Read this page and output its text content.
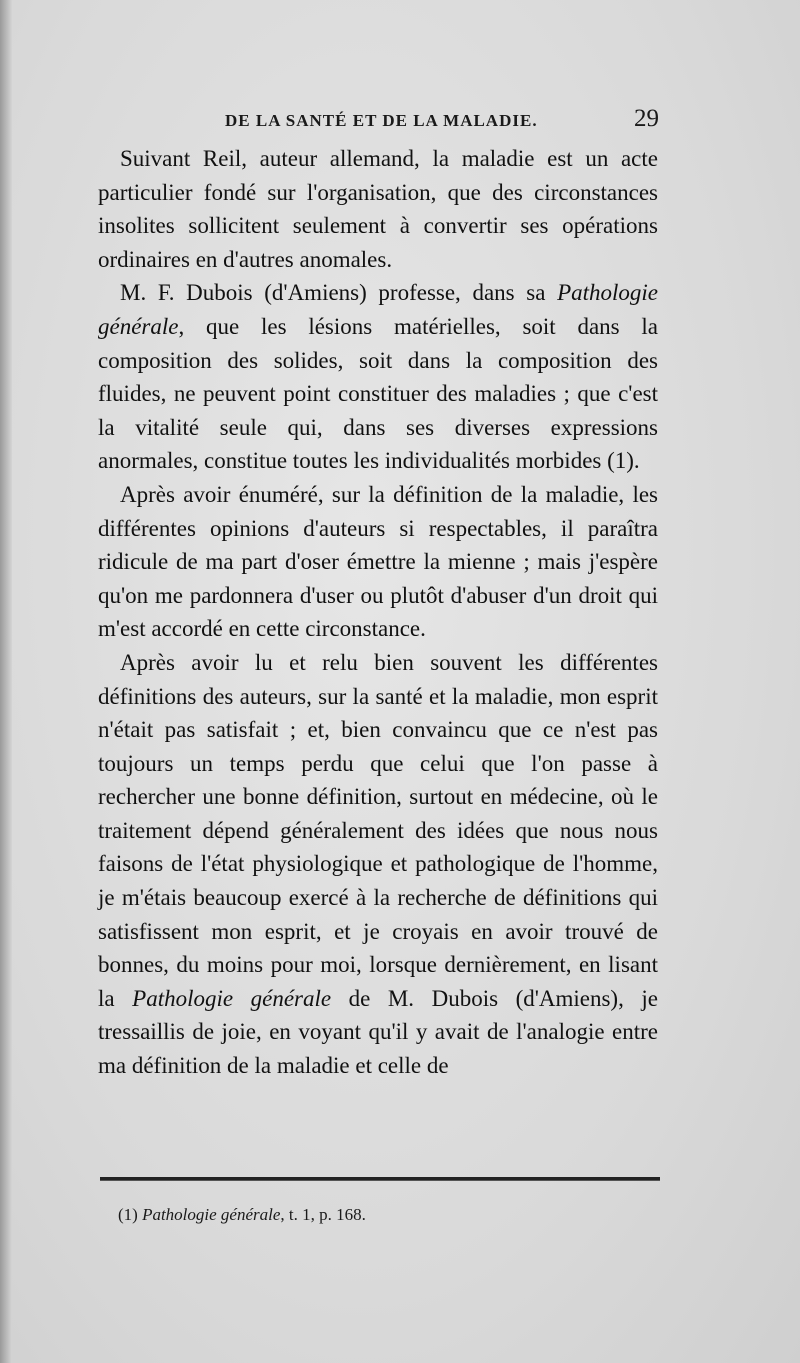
DE LA SANTÉ ET DE LA MALADIE.	29

Suivant Reil, auteur allemand, la maladie est un acte particulier fondé sur l'organisation, que des circonstances insolites sollicitent seulement à convertir ses opérations ordinaires en d'autres anomales.

M. F. Dubois (d'Amiens) professe, dans sa Pathologie générale, que les lésions matérielles, soit dans la composition des solides, soit dans la composition des fluides, ne peuvent point constituer des maladies ; que c'est la vitalité seule qui, dans ses diverses expressions anormales, constitue toutes les individualités morbides (1).

Après avoir énuméré, sur la définition de la maladie, les différentes opinions d'auteurs si respectables, il paraîtra ridicule de ma part d'oser émettre la mienne ; mais j'espère qu'on me pardonnera d'user ou plutôt d'abuser d'un droit qui m'est accordé en cette circonstance.

Après avoir lu et relu bien souvent les différentes définitions des auteurs, sur la santé et la maladie, mon esprit n'était pas satisfait ; et, bien convaincu que ce n'est pas toujours un temps perdu que celui que l'on passe à rechercher une bonne définition, surtout en médecine, où le traitement dépend généralement des idées que nous nous faisons de l'état physiologique et pathologique de l'homme, je m'étais beaucoup exercé à la recherche de définitions qui satisfissent mon esprit, et je croyais en avoir trouvé de bonnes, du moins pour moi, lorsque dernièrement, en lisant la Pathologie générale de M. Dubois (d'Amiens), je tressaillis de joie, en voyant qu'il y avait de l'analogie entre ma définition de la maladie et celle de

(1) Pathologie générale, t. 1, p. 168.
